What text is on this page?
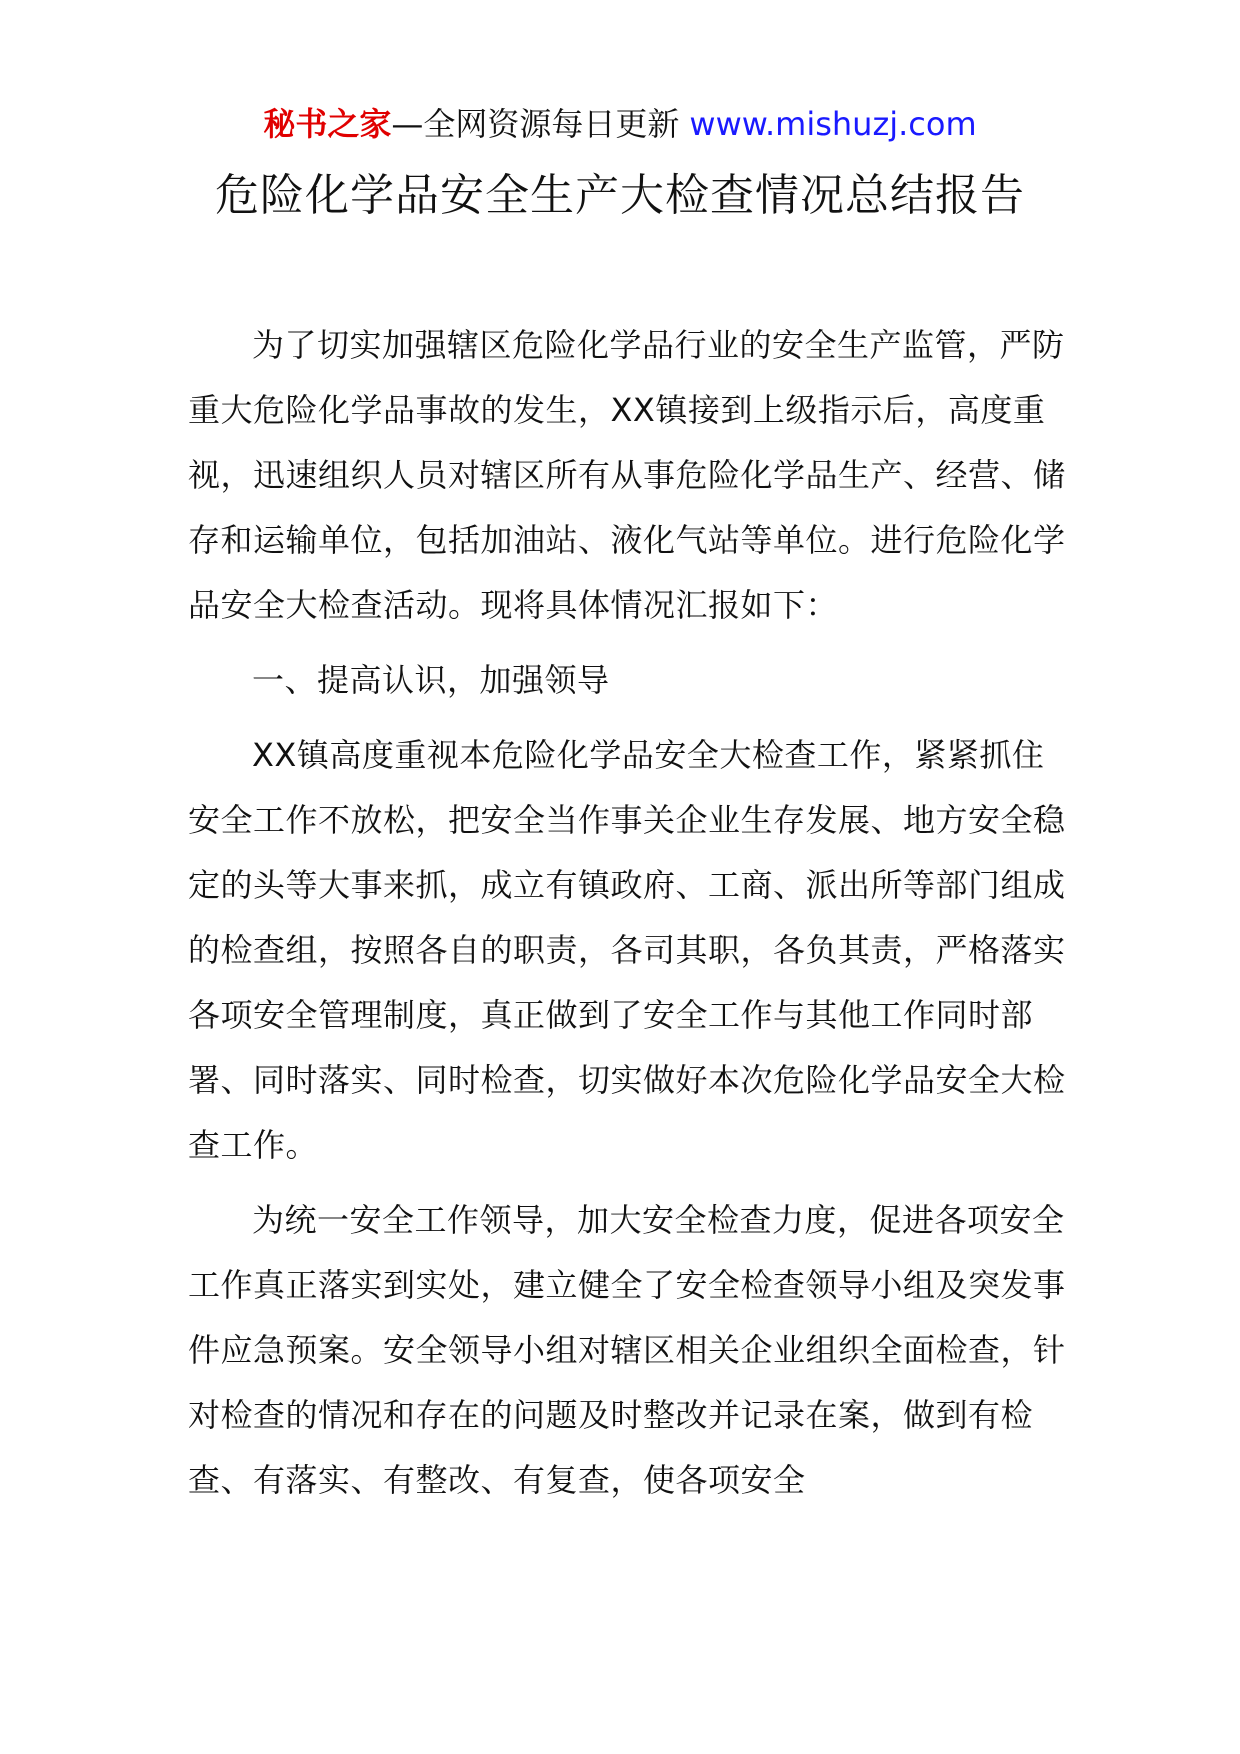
秘书之家—全网资源每日更新 www.mishuzj.com
危险化学品安全生产大检查情况总结报告

为了切实加强辖区危险化学品行业的安全生产监管，严防重大危险化学品事故的发生，XX镇接到上级指示后，高度重视，迅速组织人员对辖区所有从事危险化学品生产、经营、储存和运输单位，包括加油站、液化气站等单位。进行危险化学品安全大检查活动。现将具体情况汇报如下：

一、提高认识，加强领导

XX镇高度重视本危险化学品安全大检查工作，紧紧抓住安全工作不放松，把安全当作事关企业生存发展、地方安全稳定的头等大事来抓，成立有镇政府、工商、派出所等部门组成的检查组，按照各自的职责，各司其职，各负其责，严格落实各项安全管理制度，真正做到了安全工作与其他工作同时部署、同时落实、同时检查，切实做好本次危险化学品安全大检查工作。

为统一安全工作领导，加大安全检查力度，促进各项安全工作真正落实到实处，建立健全了安全检查领导小组及突发事件应急预案。安全领导小组对辖区相关企业组织全面检查，针对检查的情况和存在的问题及时整改并记录在案，做到有检查、有落实、有整改、有复查，使各项安全
